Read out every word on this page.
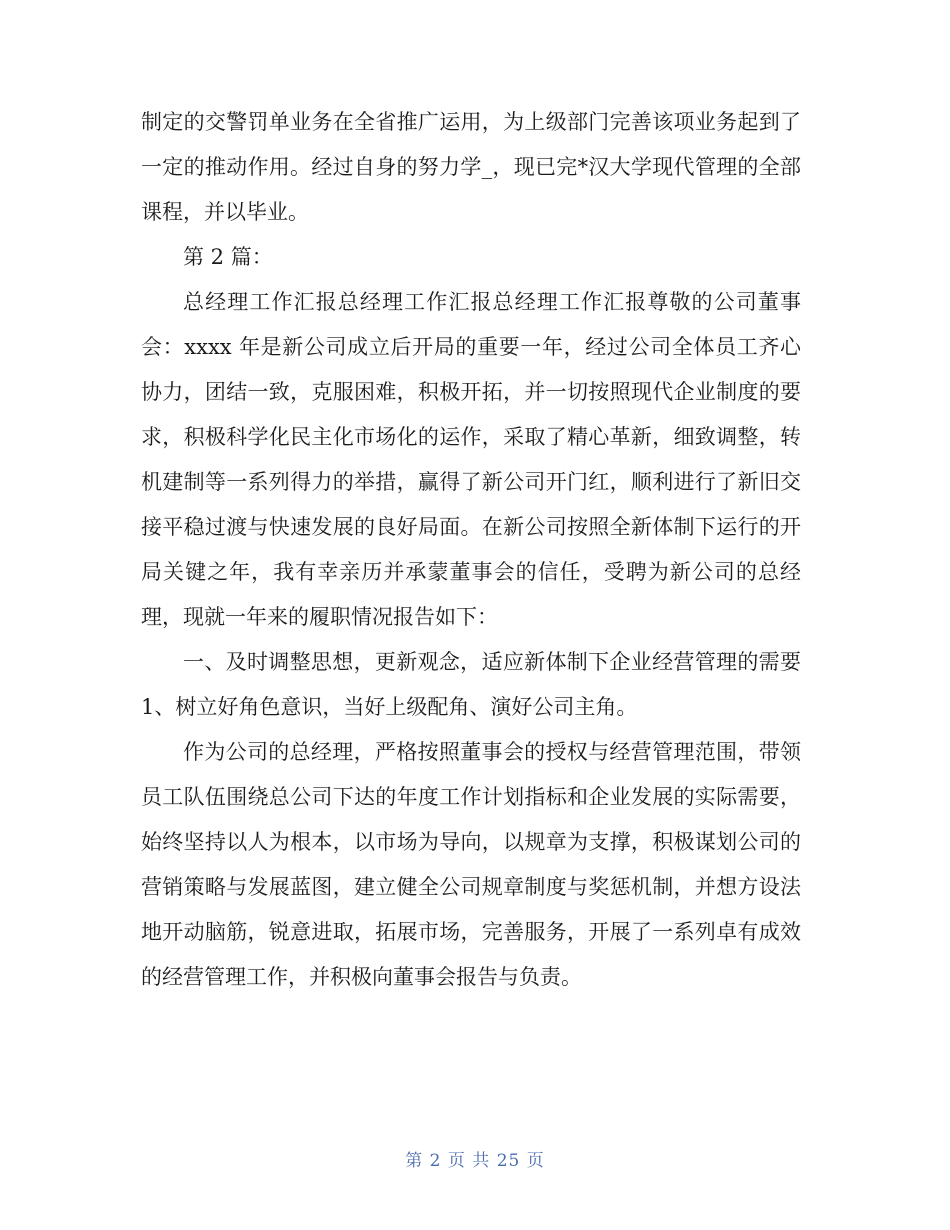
制定的交警罚单业务在全省推广运用，为上级部门完善该项业务起到了一定的推动作用。经过自身的努力学_，现已完*汉大学现代管理的全部课程，并以毕业。

第 2 篇：

总经理工作汇报总经理工作汇报总经理工作汇报尊敬的公司董事会：xxxx 年是新公司成立后开局的重要一年，经过公司全体员工齐心协力，团结一致，克服困难，积极开拓，并一切按照现代企业制度的要求，积极科学化民主化市场化的运作，采取了精心革新，细致调整，转机建制等一系列得力的举措，赢得了新公司开门红，顺利进行了新旧交接平稳过渡与快速发展的良好局面。在新公司按照全新体制下运行的开局关键之年，我有幸亲历并承蒙董事会的信任，受聘为新公司的总经理，现就一年来的履职情况报告如下：

一、及时调整思想，更新观念，适应新体制下企业经营管理的需要 1、树立好角色意识，当好上级配角、演好公司主角。

作为公司的总经理，严格按照董事会的授权与经营管理范围，带领员工队伍围绕总公司下达的年度工作计划指标和企业发展的实际需要，始终坚持以人为根本，以市场为导向，以规章为支撑，积极谋划公司的营销策略与发展蓝图，建立健全公司规章制度与奖惩机制，并想方设法地开动脑筋，锐意进取，拓展市场，完善服务，开展了一系列卓有成效的经营管理工作，并积极向董事会报告与负责。

第 2 页 共 25 页
